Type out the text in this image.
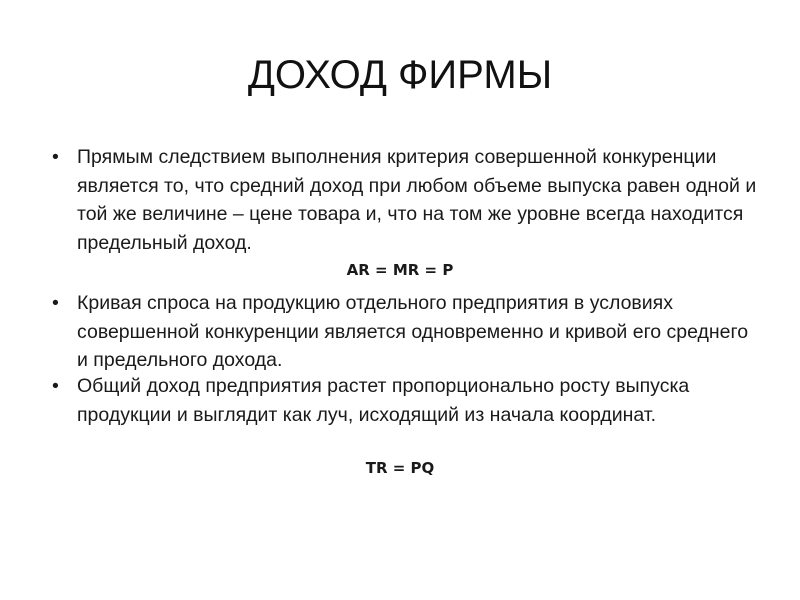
ДОХОД ФИРМЫ
• Прямым следствием выполнения критерия совершенной конкуренции является то, что средний доход при любом объеме выпуска равен одной и той же величине – цене товара и, что на том же уровне всегда находится предельный доход.
AR = MR = P
• Кривая спроса на продукцию отдельного предприятия в условиях совершенной конкуренции является одновременно и кривой его среднего и предельного дохода.
• Общий доход предприятия растет пропорционально росту выпуска продукции и выглядит как луч, исходящий из начала координат.
TR = PQ
